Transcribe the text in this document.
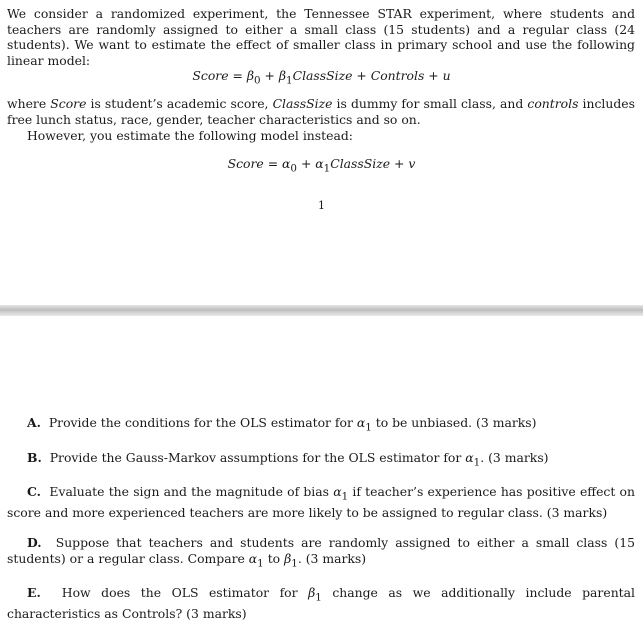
We consider a randomized experiment, the Tennessee STAR experiment, where students and teachers are randomly assigned to either a small class (15 students) and a regular class (24 students). We want to estimate the effect of smaller class in primary school and use the following linear model:

Score = $\beta_0$ + $\beta_1ClassSize$ + Controls + u

where Score is student’s academic score, ClassSize is dummy for small class, and controls includes free lunch status, race, gender, teacher characteristics and so on.

However, you estimate the following model instead:

Score = $\alpha_0$ + $\alpha_1ClassSize + v$

1

A. Provide the conditions for the OLS estimator for $\alpha_1$ to be unbiased. (3 marks)

B. Provide the Gauss-Markov assumptions for the OLS estimator for $\alpha_1$. (3 marks)

C. Evaluate the sign and the magnitude of bias $\alpha_1$ if teacher’s experience has positive effect on score and more experienced teachers are more likely to be assigned to regular class. (3 marks)

D. Suppose that teachers and students are randomly assigned to either a small class (15 students) or a regular class. Compare $\alpha_1$ to $\beta_1$. (3 marks)

E. How does the OLS estimator for $\beta_1$ change as we additionally include parental characteristics as Controls? (3 marks)
